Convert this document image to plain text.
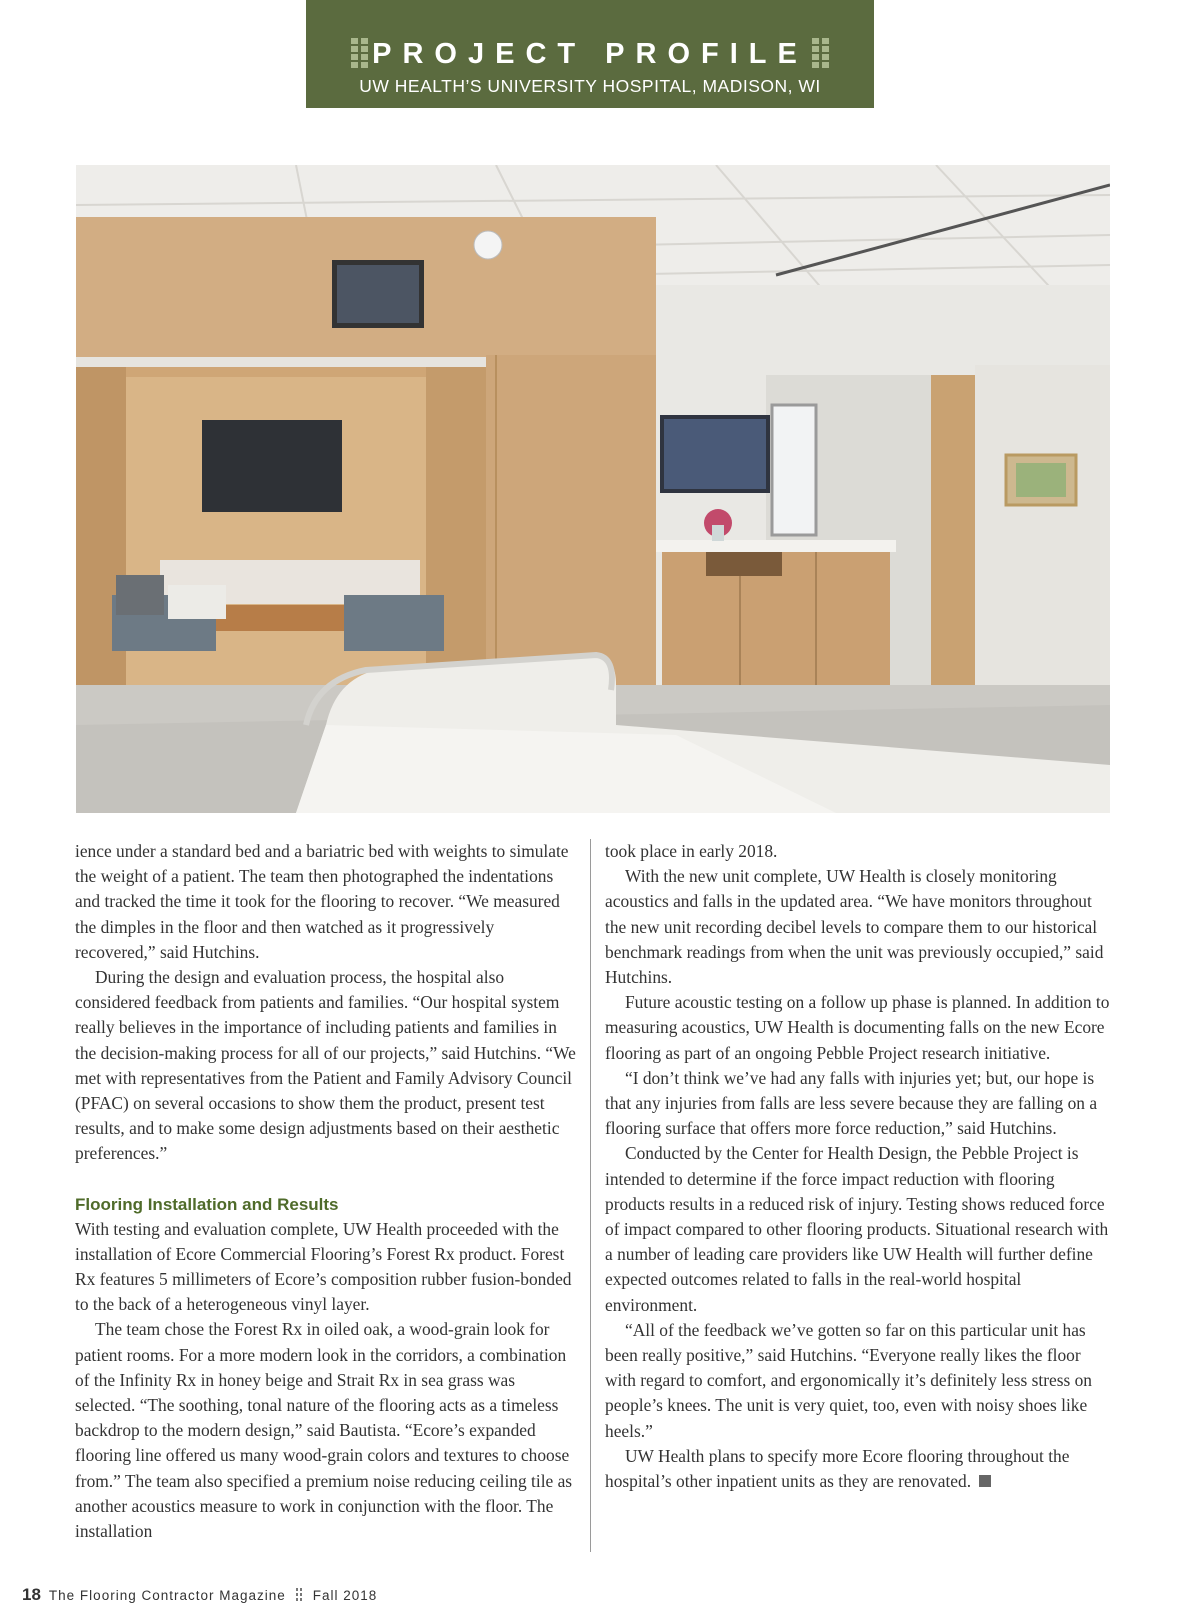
PROJECT PROFILE
UW HEALTH’S UNIVERSITY HOSPITAL, MADISON, WI

ience under a standard bed and a bariatric bed with weights to simulate the weight of a patient. The team then photographed the indentations and tracked the time it took for the flooring to recover. “We measured the dimples in the floor and then watched as it progressively recovered,” said Hutchins.

During the design and evaluation process, the hospital also considered feedback from patients and families. “Our hospital system really believes in the importance of including patients and families in the decision-making process for all of our projects,” said Hutchins. “We met with representatives from the Patient and Family Advisory Council (PFAC) on several occasions to show them the product, present test results, and to make some design adjustments based on their aesthetic preferences.”

Flooring Installation and Results

With testing and evaluation complete, UW Health proceeded with the installation of Ecore Commercial Flooring’s Forest Rx product. Forest Rx features 5 millimeters of Ecore’s composition rubber fusion-bonded to the back of a heterogeneous vinyl layer.

The team chose the Forest Rx in oiled oak, a wood-grain look for patient rooms. For a more modern look in the corridors, a combination of the Infinity Rx in honey beige and Strait Rx in sea grass was selected. “The soothing, tonal nature of the flooring acts as a timeless backdrop to the modern design,” said Bautista. “Ecore’s expanded flooring line offered us many wood-grain colors and textures to choose from.” The team also specified a premium noise reducing ceiling tile as another acoustics measure to work in conjunction with the floor. The installation

took place in early 2018.

With the new unit complete, UW Health is closely monitoring acoustics and falls in the updated area. “We have monitors throughout the new unit recording decibel levels to compare them to our historical benchmark readings from when the unit was previously occupied,” said Hutchins.

Future acoustic testing on a follow up phase is planned. In addition to measuring acoustics, UW Health is documenting falls on the new Ecore flooring as part of an ongoing Pebble Project research initiative.

“I don’t think we’ve had any falls with injuries yet; but, our hope is that any injuries from falls are less severe because they are falling on a flooring surface that offers more force reduction,” said Hutchins.

Conducted by the Center for Health Design, the Pebble Project is intended to determine if the force impact reduction with flooring products results in a reduced risk of injury. Testing shows reduced force of impact compared to other flooring products. Situational research with a number of leading care providers like UW Health will further define expected outcomes related to falls in the real-world hospital environment.

“All of the feedback we’ve gotten so far on this particular unit has been really positive,” said Hutchins. “Everyone really likes the floor with regard to comfort, and ergonomically it’s definitely less stress on people’s knees. The unit is very quiet, too, even with noisy shoes like heels.”

UW Health plans to specify more Ecore flooring throughout the hospital’s other inpatient units as they are renovated.

18 The Flooring Contractor Magazine Fall 2018
